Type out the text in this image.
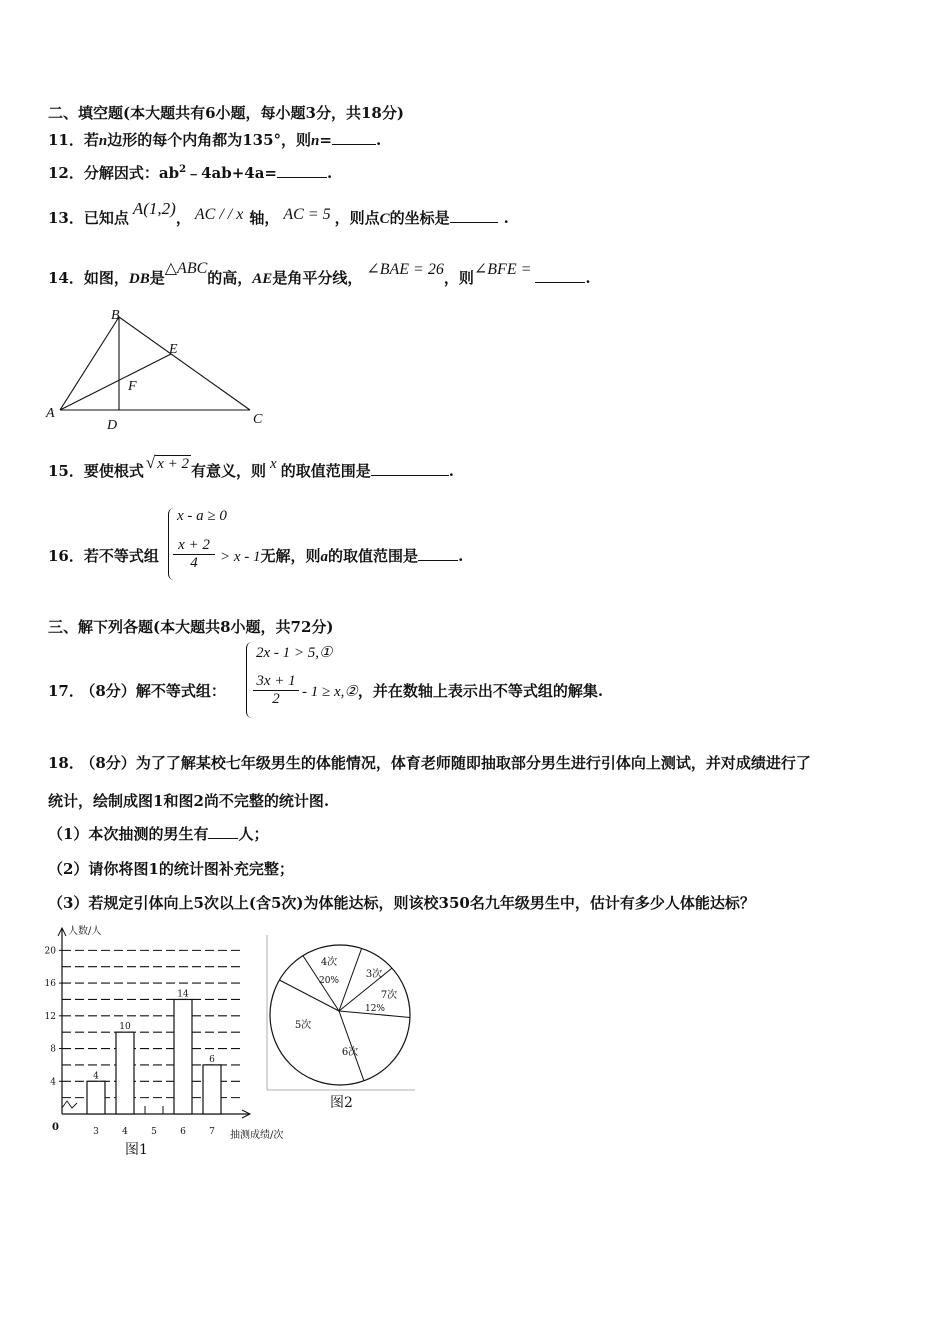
二、填空题(本大题共有6小题，每小题3分，共18分)
11．若n边形的每个内角都为135°，则n=	.
12．分解因式：$ab^2﹣4ab+4a=$	.
13．已知点 A(1,2)， AC / / x 轴， AC = 5 ，则点C的坐标是	.
14．如图，DB是△ABC的高，AE是角平分线， ∠BAE = 26，则∠BFE =	.
B
A	C
D
E
F
15．要使根式 √ x + 2 有意义，则 x 的取值范围是	.
16．若不等式组
x - a ≥ 0
$\frac{x + 2}{4} > x - 1$无解，则a的取值范围是	.
三、解下列各题(本大题共8小题，共72分)
17． （8分）解不等式组：
2x - 1 > 5,①
$\frac{3x + 1}{2} - 1$ ≥ x,②，并在数轴上表示出不等式组的解集.
18． （8分）为了了解某校七年级男生的体能情况，体育老师随即抽取部分男生进行引体向上测试，并对成绩进行了
统计，绘制成图1和图2尚不完整的统计图.
（1）本次抽测的男生有 人；
（2）请你将图1的统计图补充完整；
（3）若规定引体向上5次以上(含5次)为体能达标，则该校350名九年级男生中，估计有多少人体能达标？
人数/人
抽测成绩/次
0
4
8
12
16
20
3
4
4
10
5	6
14
7
6
图1
4次
20%
3次
7次
12%
6次
5次
图2
